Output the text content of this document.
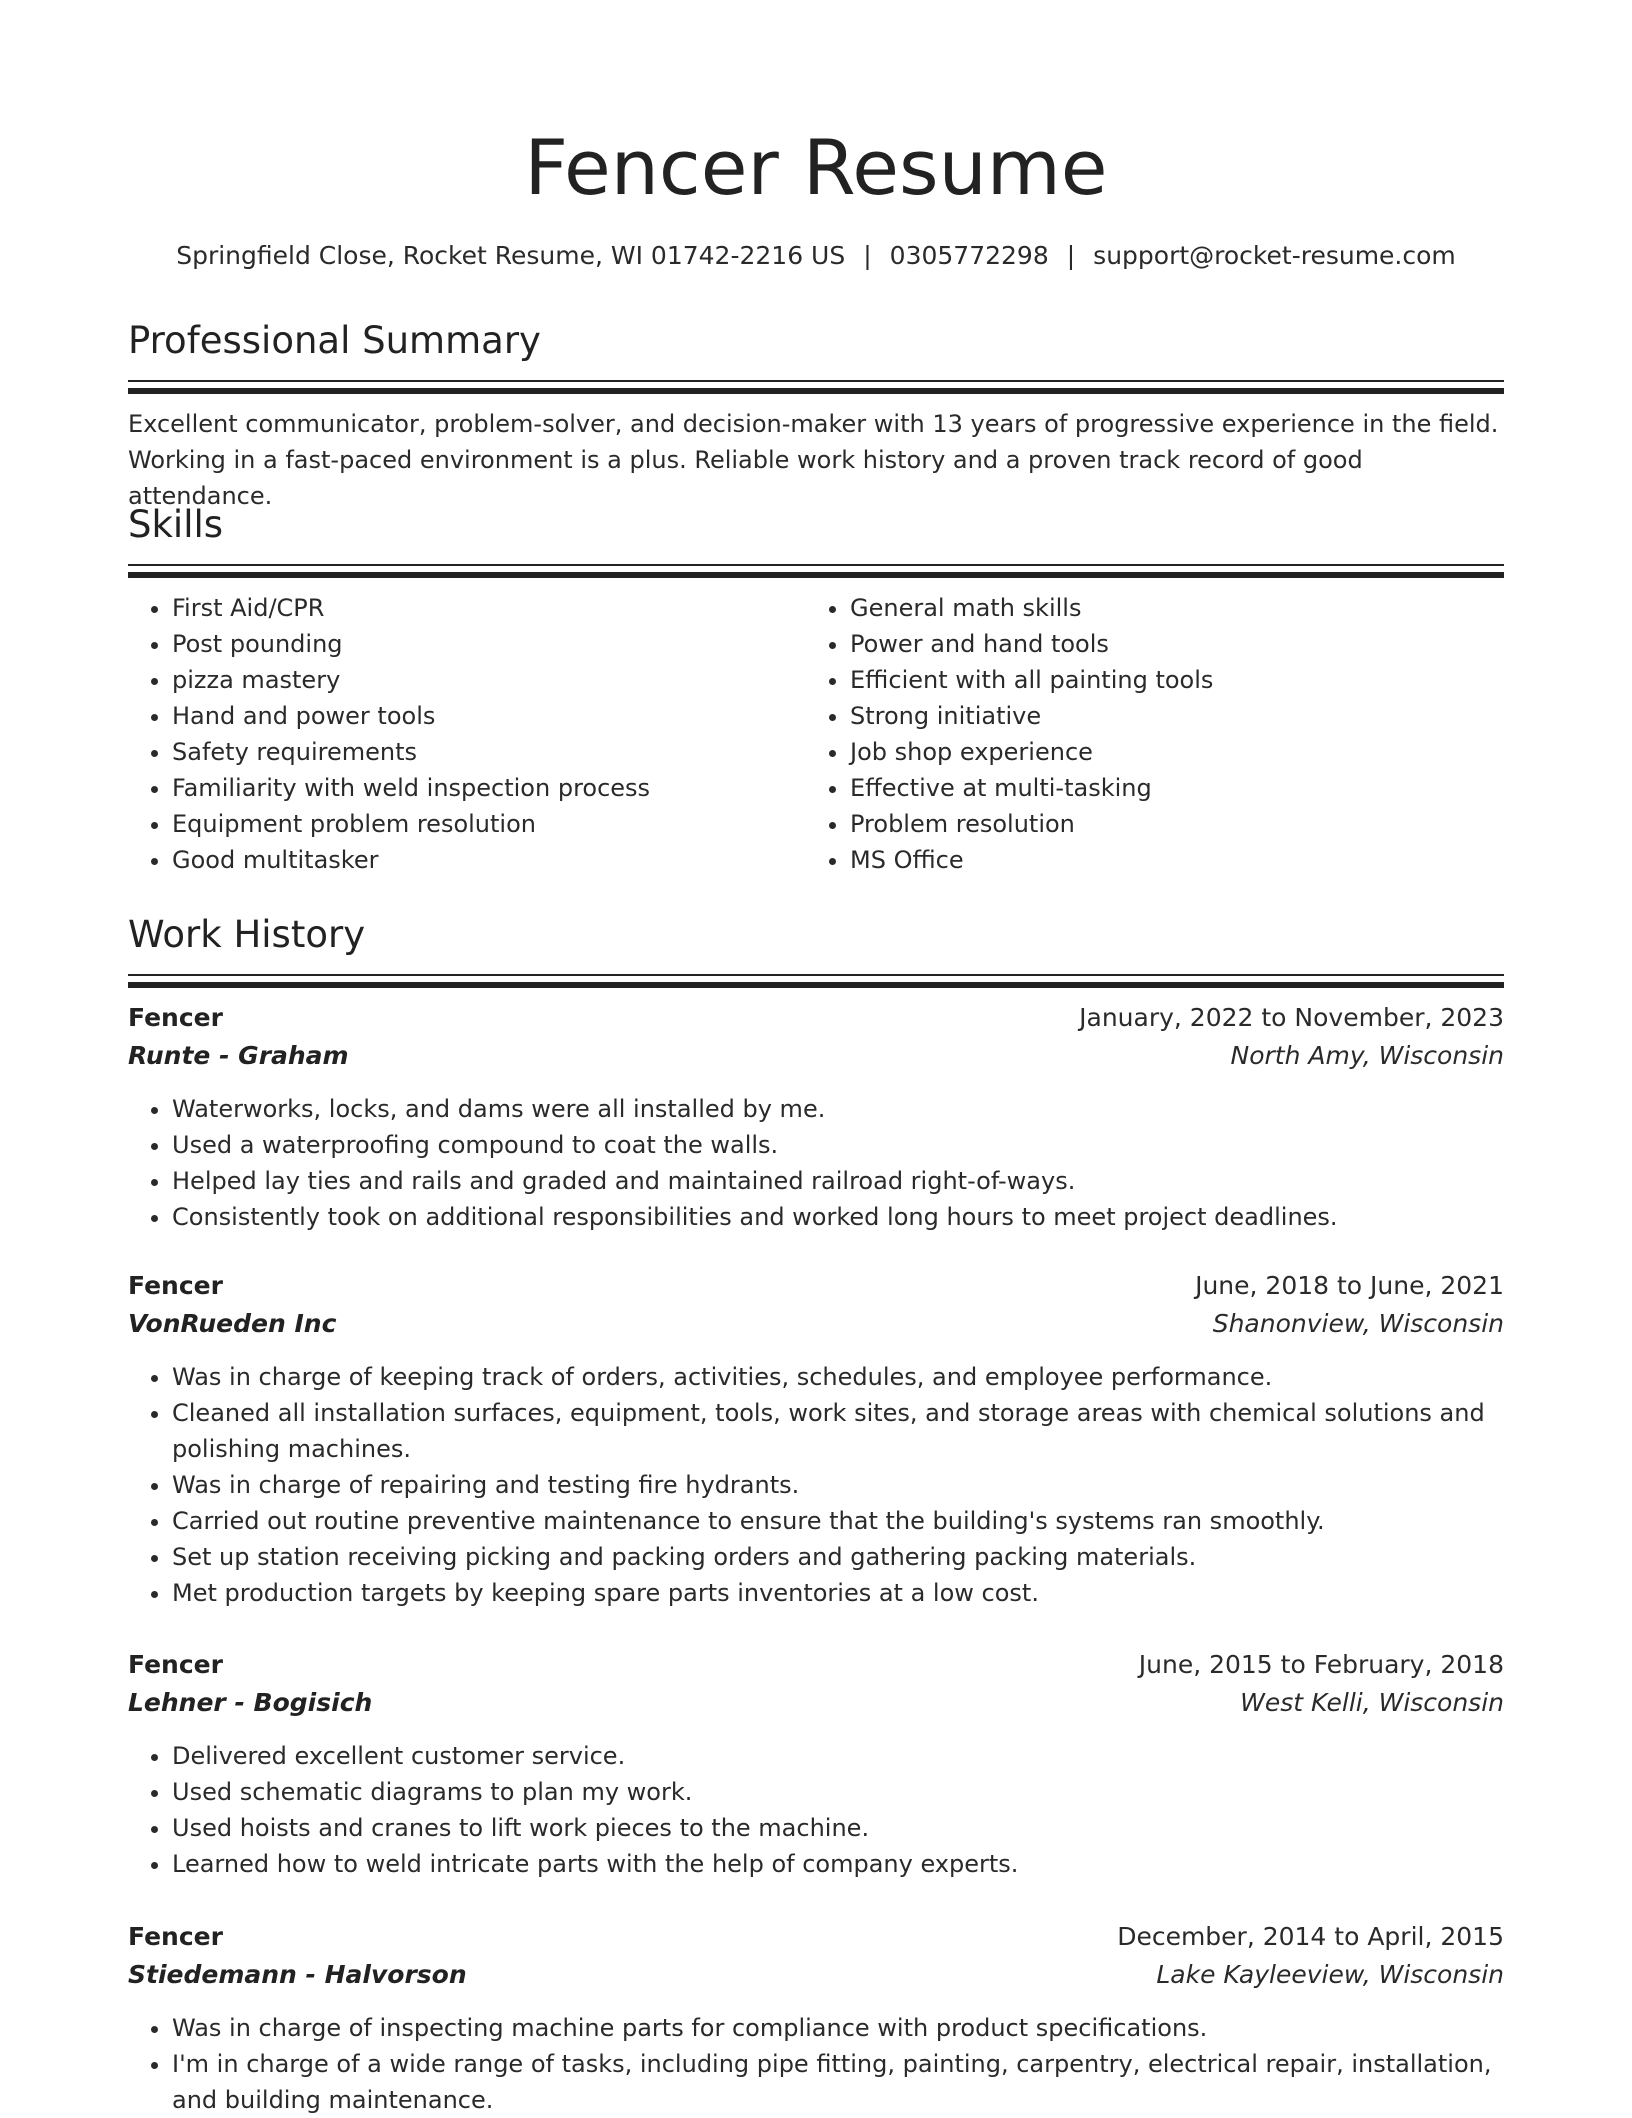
Fencer Resume
Springfield Close, Rocket Resume, WI 01742-2216 US | 0305772298 | support@rocket-resume.com
Professional Summary

Excellent communicator, problem-solver, and decision-maker with 13 years of progressive experience in the field. Working in a fast-paced environment is a plus. Reliable work history and a proven track record of good attendance.

Skills
• First Aid/CPR
• Post pounding
• pizza mastery
• Hand and power tools
• Safety requirements
• Familiarity with weld inspection process
• Equipment problem resolution
• Good multitasker
• General math skills
• Power and hand tools
• Efficient with all painting tools
• Strong initiative
• Job shop experience
• Effective at multi-tasking
• Problem resolution
• MS Office
Work History
Fencer	January, 2022 to November, 2023
Runte - Graham	North Amy, Wisconsin
• Waterworks, locks, and dams were all installed by me.
• Used a waterproofing compound to coat the walls.
• Helped lay ties and rails and graded and maintained railroad right-of-ways.
• Consistently took on additional responsibilities and worked long hours to meet project deadlines.
Fencer	June, 2018 to June, 2021
VonRueden Inc	Shanonview, Wisconsin
• Was in charge of keeping track of orders, activities, schedules, and employee performance.
• Cleaned all installation surfaces, equipment, tools, work sites, and storage areas with chemical solutions and polishing machines.
• Was in charge of repairing and testing fire hydrants.
• Carried out routine preventive maintenance to ensure that the building's systems ran smoothly.
• Set up station receiving picking and packing orders and gathering packing materials.
• Met production targets by keeping spare parts inventories at a low cost.
Fencer	June, 2015 to February, 2018
Lehner - Bogisich	West Kelli, Wisconsin
• Delivered excellent customer service.
• Used schematic diagrams to plan my work.
• Used hoists and cranes to lift work pieces to the machine.
• Learned how to weld intricate parts with the help of company experts.
Fencer	December, 2014 to April, 2015
Stiedemann - Halvorson	Lake Kayleeview, Wisconsin
• Was in charge of inspecting machine parts for compliance with product specifications.
• I'm in charge of a wide range of tasks, including pipe fitting, painting, carpentry, electrical repair, installation, and building maintenance.
